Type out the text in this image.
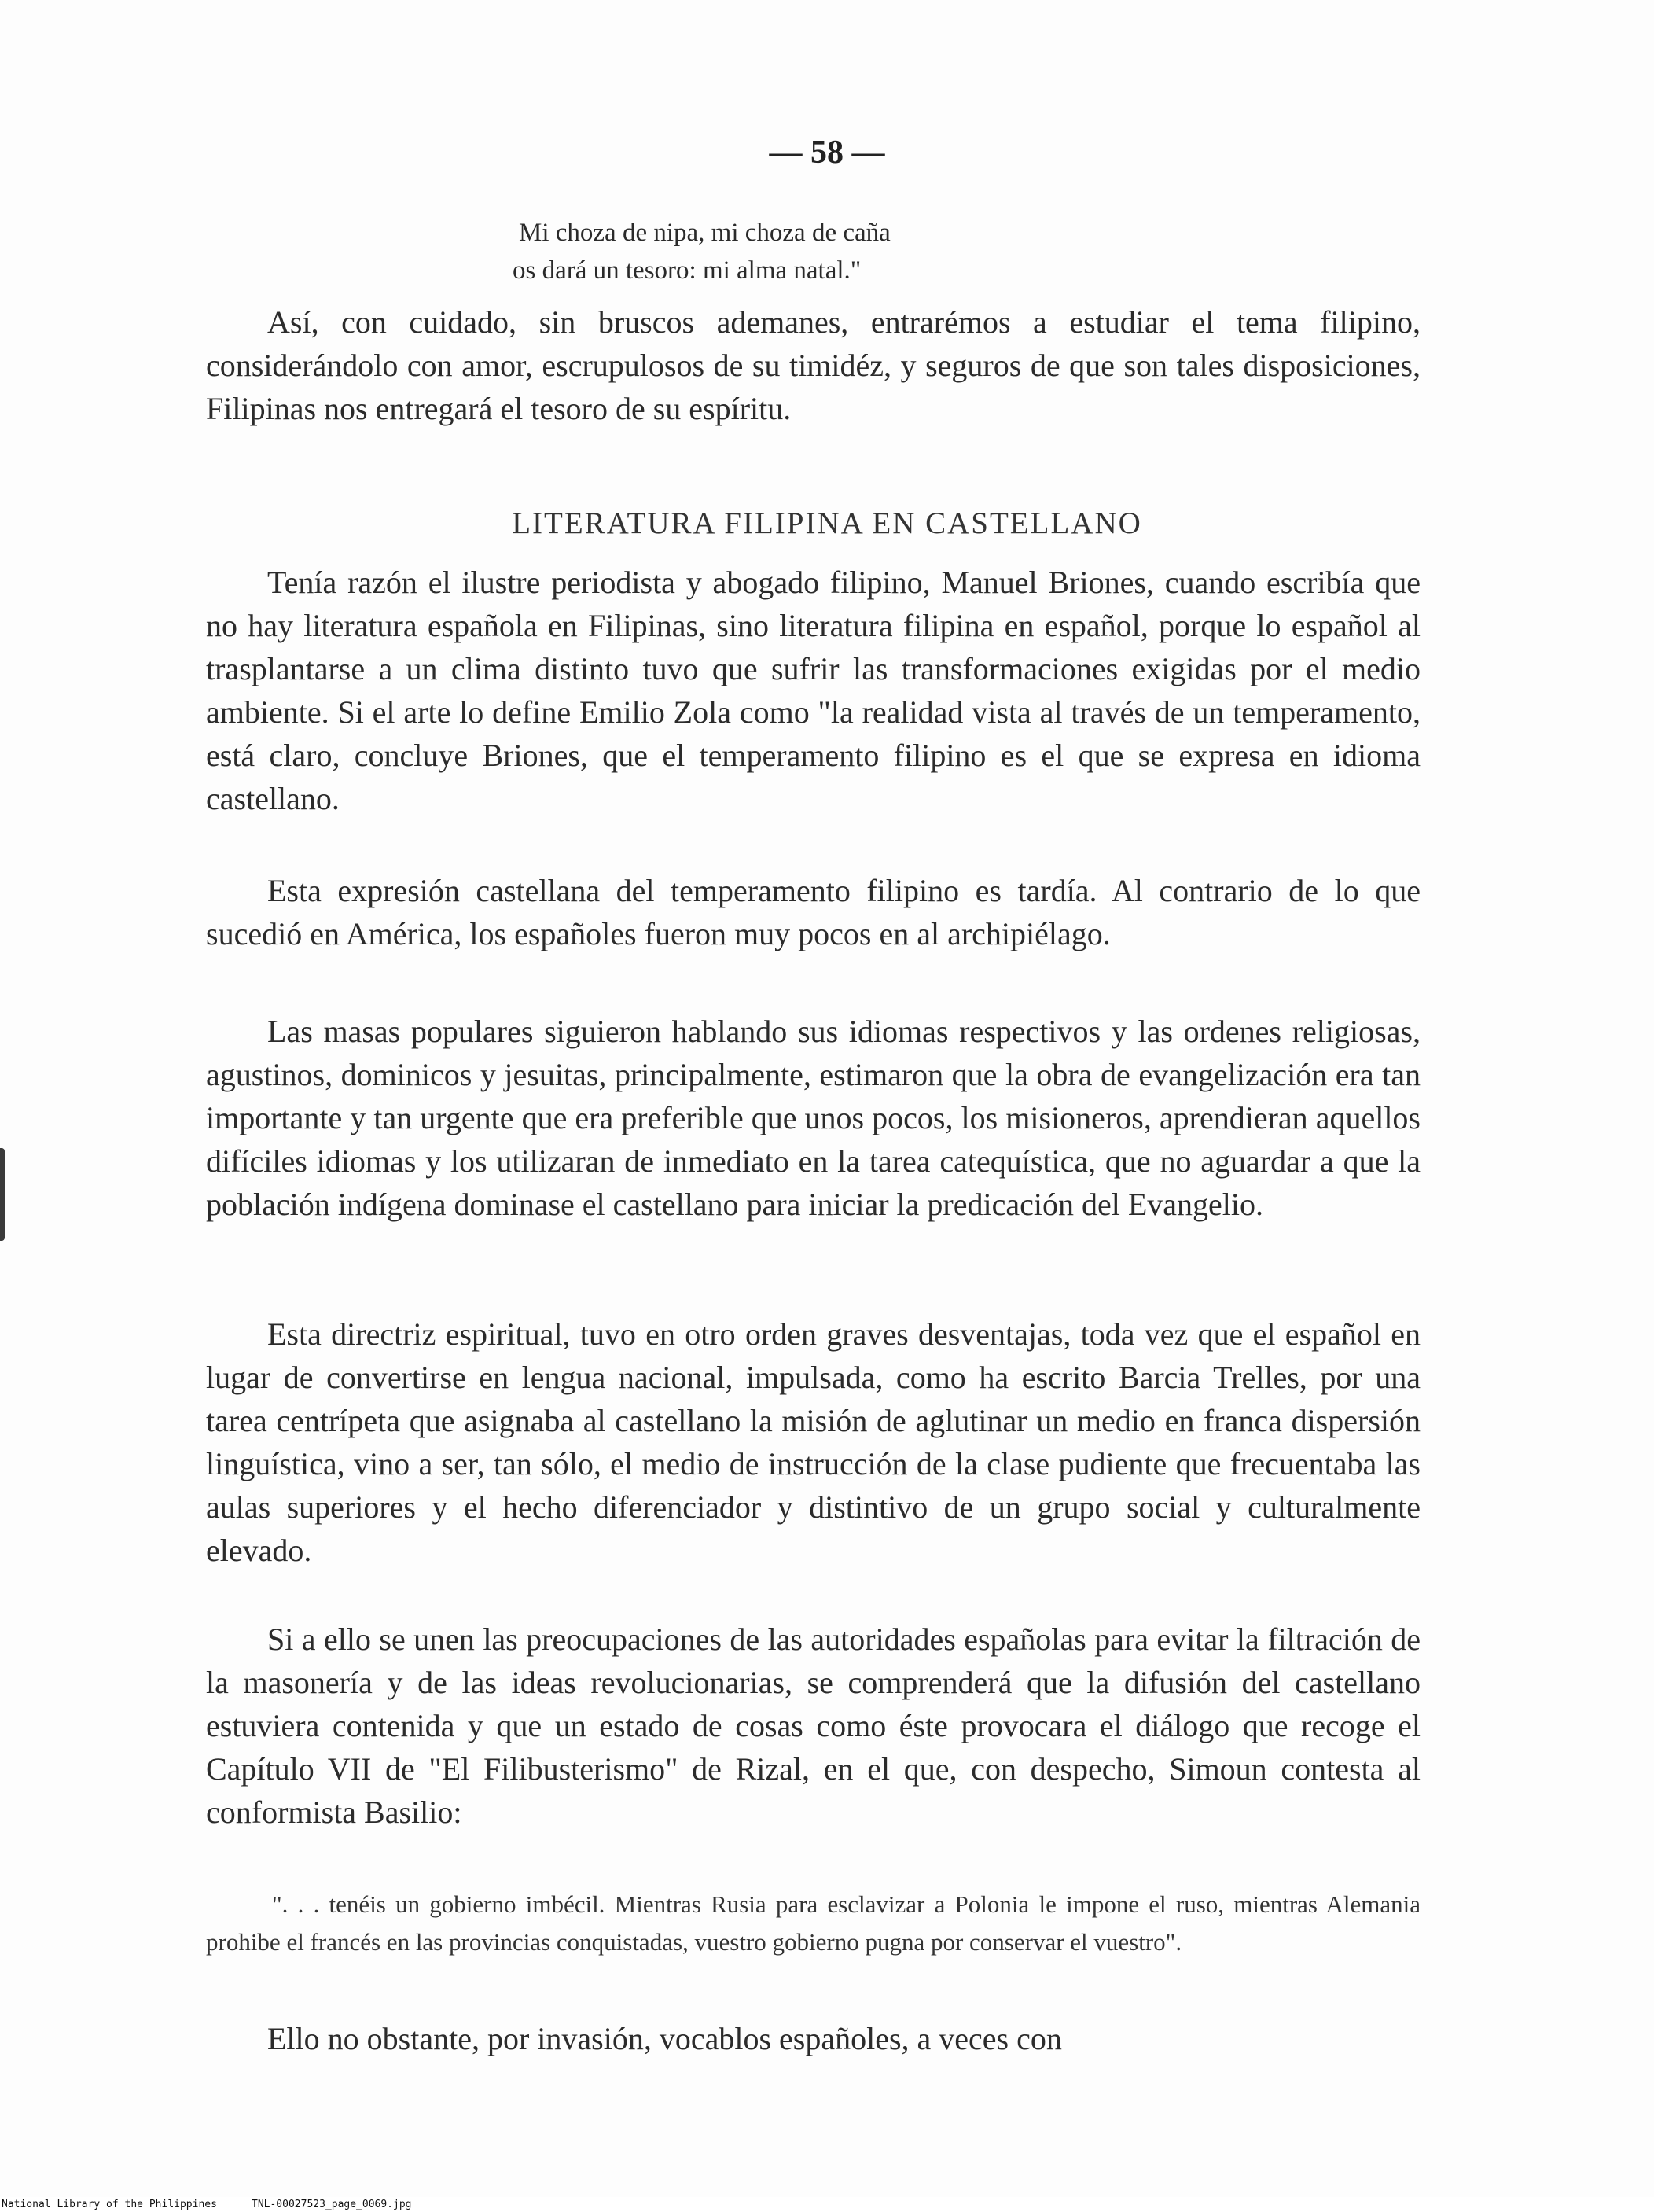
— 58 —
Mi choza de nipa, mi choza de caña
os dará un tesoro: mi alma natal."
Así, con cuidado, sin bruscos ademanes, entrarémos a estudiar el tema filipino, considerándolo con amor, escrupulosos de su timidéz, y seguros de que son tales disposiciones, Filipinas nos entregará el tesoro de su espíritu.
LITERATURA FILIPINA EN CASTELLANO
Tenía razón el ilustre periodista y abogado filipino, Manuel Briones, cuando escribía que no hay literatura española en Filipinas, sino literatura filipina en español, porque lo español al trasplantarse a un clima distinto tuvo que sufrir las transformaciones exigidas por el medio ambiente. Si el arte lo define Emilio Zola como "la realidad vista al través de un temperamento, está claro, concluye Briones, que el temperamento filipino es el que se expresa en idioma castellano.
Esta expresión castellana del temperamento filipino es tardía. Al contrario de lo que sucedió en América, los españoles fueron muy pocos en al archipiélago.
Las masas populares siguieron hablando sus idiomas respectivos y las ordenes religiosas, agustinos, dominicos y jesuitas, principalmente, estimaron que la obra de evangelización era tan importante y tan urgente que era preferible que unos pocos, los misioneros, aprendieran aquellos difíciles idiomas y los utilizaran de inmediato en la tarea catequística, que no aguardar a que la población indígena dominase el castellano para iniciar la predicación del Evangelio.
Esta directriz espiritual, tuvo en otro orden graves desventajas, toda vez que el español en lugar de convertirse en lengua nacional, impulsada, como ha escrito Barcia Trelles, por una tarea centrípeta que asignaba al castellano la misión de aglutinar un medio en franca dispersión linguística, vino a ser, tan sólo, el medio de instrucción de la clase pudiente que frecuentaba las aulas superiores y el hecho diferenciador y distintivo de un grupo social y culturalmente elevado.
Si a ello se unen las preocupaciones de las autoridades españolas para evitar la filtración de la masonería y de las ideas revolucionarias, se comprenderá que la difusión del castellano estuviera contenida y que un estado de cosas como éste provocara el diálogo que recoge el Capítulo VII de "El Filibusterismo" de Rizal, en el que, con despecho, Simoun contesta al conformista Basilio:
". . . tenéis un gobierno imbécil. Mientras Rusia para esclavizar a Polonia le impone el ruso, mientras Alemania prohibe el francés en las provincias conquistadas, vuestro gobierno pugna por conservar el vuestro".
Ello no obstante, por invasión, vocablos españoles, a veces con
National Library of the Philippines	TNL-00027523_page_0069.jpg
